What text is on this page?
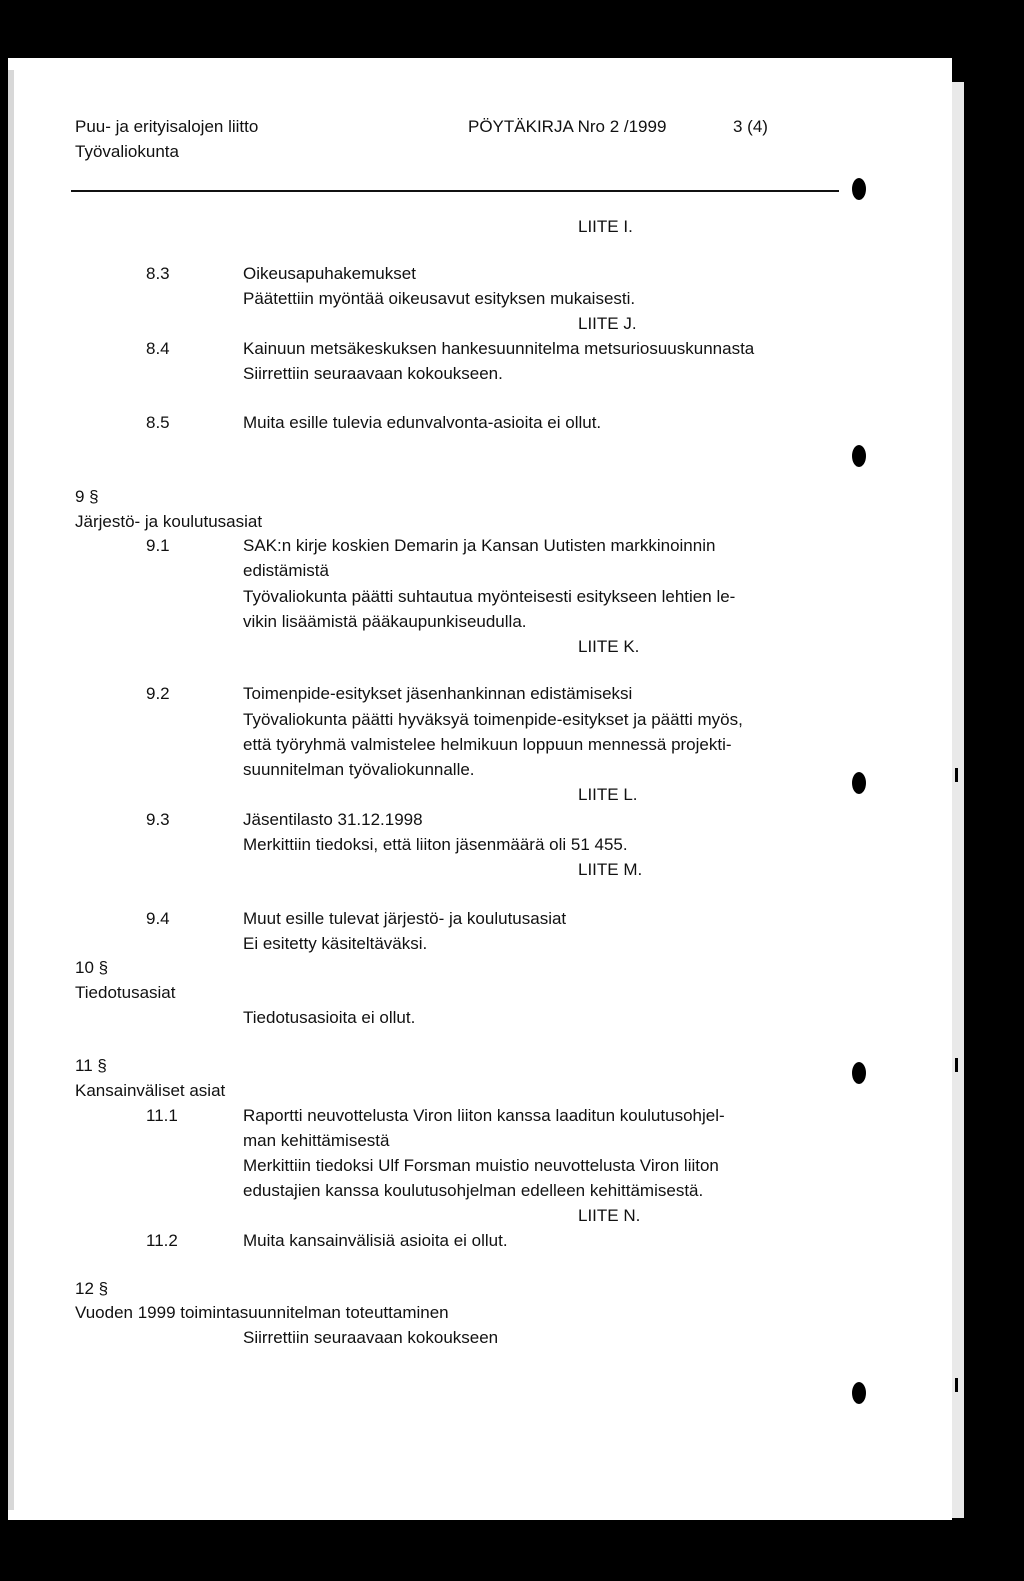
Puu- ja erityisalojen liitto
Työvaliokunta
PÖYTÄKIRJA Nro 2 /1999	3 (4)
LIITE I.
8.3	Oikeusapuhakemukset
Päätettiin myöntää oikeusavut esityksen mukaisesti.
LIITE J.
8.4	Kainuun metsäkeskuksen hankesuunnitelma metsuriosuuskunnasta
Siirrettiin seuraavaan kokoukseen.
8.5	Muita esille tulevia edunvalvonta-asioita ei ollut.
9 §
Järjestö- ja koulutusasiat
9.1	SAK:n kirje koskien Demarin ja Kansan Uutisten markkinoinnin
edistämistä
Työvaliokunta päätti suhtautua myönteisesti esitykseen lehtien le-
vikin lisäämistä pääkaupunkiseudulla.
LIITE K.
9.2	Toimenpide-esitykset jäsenhankinnan edistämiseksi
Työvaliokunta päätti hyväksyä toimenpide-esitykset ja päätti myös,
että työryhmä valmistelee helmikuun loppuun mennessä projekti-
suunnitelman työvaliokunnalle.
LIITE L.
9.3	Jäsentilasto 31.12.1998
Merkittiin tiedoksi, että liiton jäsenmäärä oli 51 455.
LIITE M.
9.4	Muut esille tulevat järjestö- ja koulutusasiat
Ei esitetty käsiteltäväksi.
10 §
Tiedotusasiat
Tiedotusasioita ei ollut.
11 §
Kansainväliset asiat
11.1	Raportti neuvottelusta Viron liiton kanssa laaditun koulutusohjel-
man kehittämisestä
Merkittiin tiedoksi Ulf Forsman muistio neuvottelusta Viron liiton
edustajien kanssa koulutusohjelman edelleen kehittämisestä.
LIITE N.
11.2	Muita kansainvälisiä asioita ei ollut.
12 §
Vuoden 1999 toimintasuunnitelman toteuttaminen
Siirrettiin seuraavaan kokoukseen
